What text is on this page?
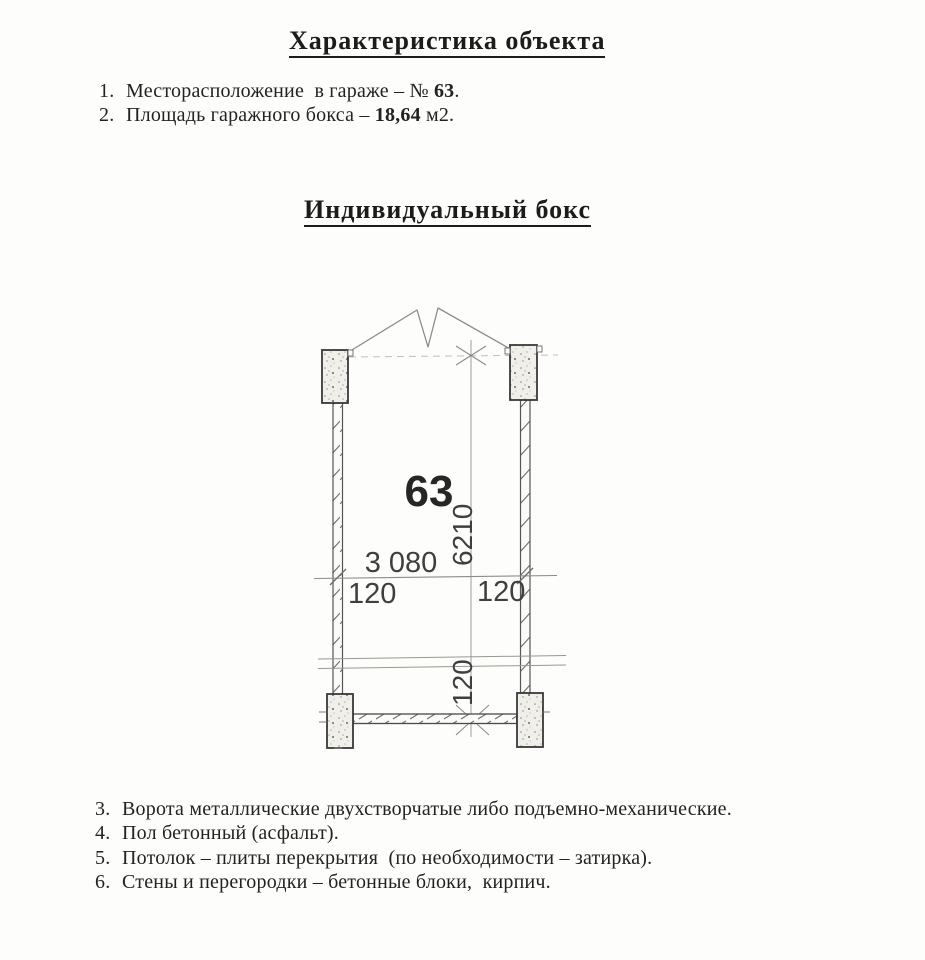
Характеристика объекта
1. Месторасположение  в гараже – № 63.
2. Площадь гаражного бокса – 18,64 м2.
Индивидуальный бокс
63
3 080
120	120
6210
120
3. Ворота металлические двухстворчатые либо подъемно-механические.
4. Пол бетонный (асфальт).
5. Потолок – плиты перекрытия  (по необходимости – затирка).
6. Стены и перегородки – бетонные блоки,  кирпич.
